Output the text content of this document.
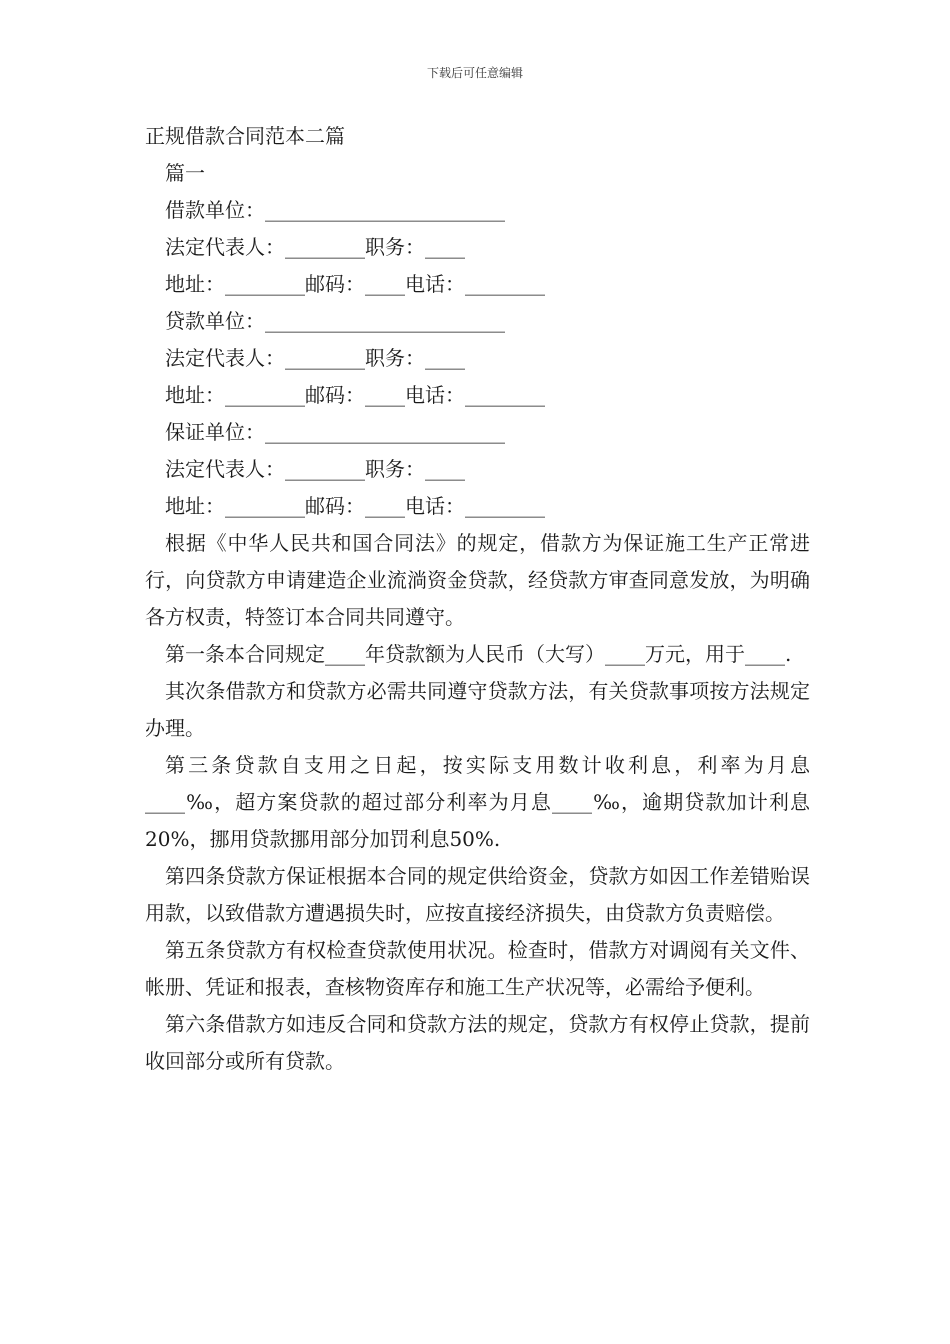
下载后可任意编辑

正规借款合同范本二篇

篇一

借款单位：________________________

法定代表人：________职务：____

地址：________邮码：____电话：________

贷款单位：________________________

法定代表人：________职务：____

地址：________邮码：____电话：________

保证单位：________________________

法定代表人：________职务：____

地址：________邮码：____电话：________

根据《中华人民共和国合同法》的规定，借款方为保证施工生产正常进行，向贷款方申请建造企业流淌资金贷款，经贷款方审查同意发放，为明确各方权责，特签订本合同共同遵守。

第一条本合同规定____年贷款额为人民币（大写）____万元，用于____.

其次条借款方和贷款方必需共同遵守贷款方法，有关贷款事项按方法规定办理。

第三条贷款自支用之日起，按实际支用数计收利息，利率为月息____‰，超方案贷款的超过部分利率为月息____‰，逾期贷款加计利息20%，挪用贷款挪用部分加罚利息50%.

第四条贷款方保证根据本合同的规定供给资金，贷款方如因工作差错贻误用款，以致借款方遭遇损失时，应按直接经济损失，由贷款方负责赔偿。

第五条贷款方有权检查贷款使用状况。检查时，借款方对调阅有关文件、帐册、凭证和报表，查核物资库存和施工生产状况等，必需给予便利。

第六条借款方如违反合同和贷款方法的规定，贷款方有权停止贷款，提前收回部分或所有贷款。
